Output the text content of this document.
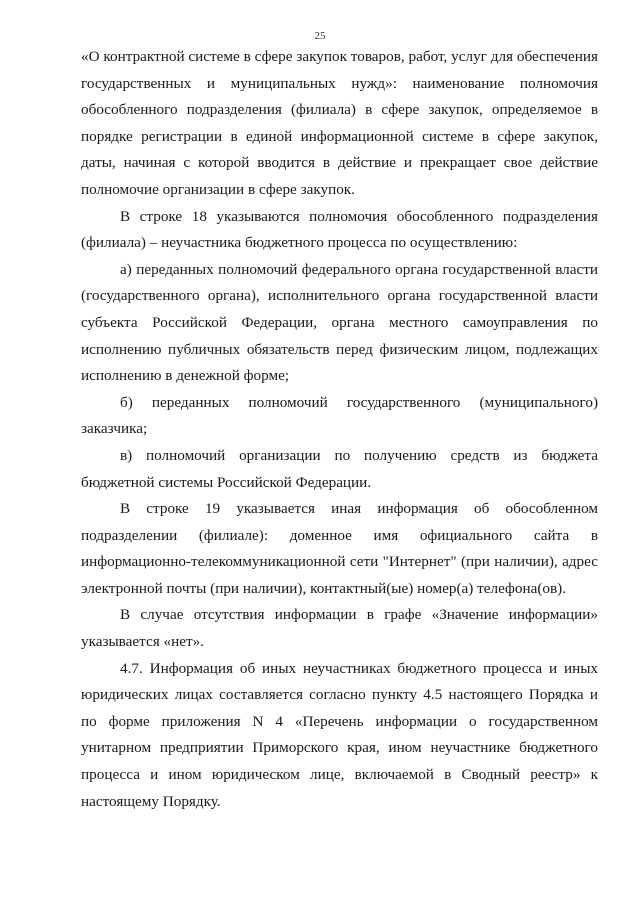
25

«О контрактной системе в сфере закупок товаров, работ, услуг для обеспечения государственных и муниципальных нужд»: наименование полномочия обособленного подразделения (филиала) в сфере закупок, определяемое в порядке регистрации в единой информационной системе в сфере закупок, даты, начиная с которой вводится в действие и прекращает свое действие полномочие организации в сфере закупок.

В строке 18 указываются полномочия обособленного подразделения (филиала) – неучастника бюджетного процесса по осуществлению:

а) переданных полномочий федерального органа государственной власти (государственного органа), исполнительного органа государственной власти субъекта Российской Федерации, органа местного самоуправления по исполнению публичных обязательств перед физическим лицом, подлежащих исполнению в денежной форме;

б) переданных полномочий государственного (муниципального) заказчика;

в) полномочий организации по получению средств из бюджета бюджетной системы Российской Федерации.

В строке 19 указывается иная информация об обособленном подразделении (филиале): доменное имя официального сайта в информационно-телекоммуникационной сети "Интернет" (при наличии), адрес электронной почты (при наличии), контактный(ые) номер(а) телефона(ов).

В случае отсутствия информации в графе «Значение информации» указывается «нет».

4.7. Информация об иных неучастниках бюджетного процесса и иных юридических лицах составляется согласно пункту 4.5 настоящего Порядка и по форме приложения N 4 «Перечень информации о государственном унитарном предприятии Приморского края, ином неучастнике бюджетного процесса и ином юридическом лице, включаемой в Сводный реестр» к настоящему Порядку.
